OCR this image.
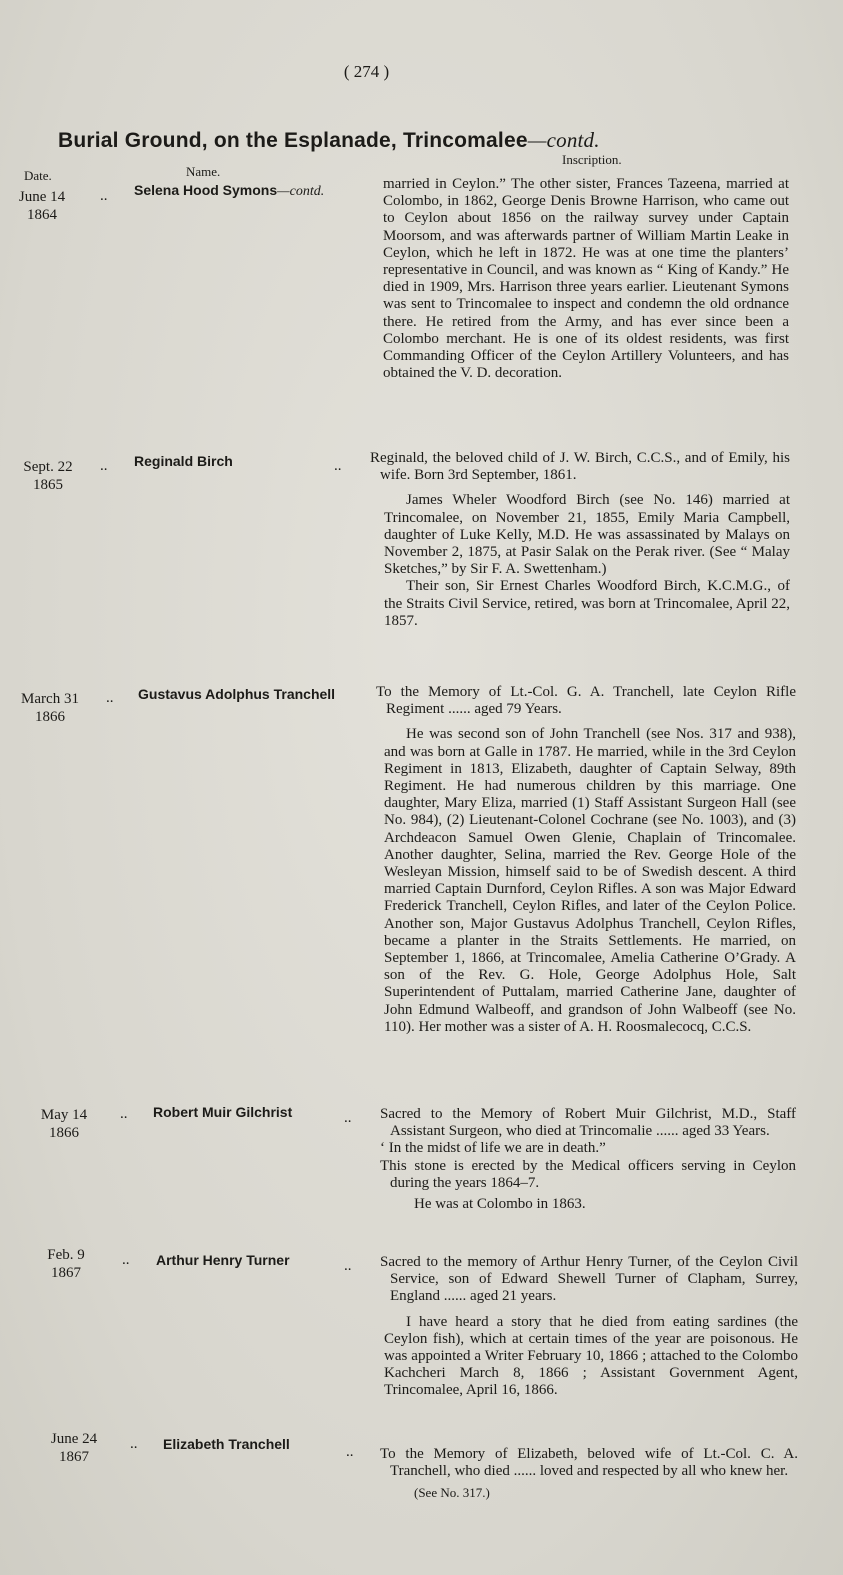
( 274 )
Burial Ground, on the Esplanade, Trincomalee—contd.
Date.	Name.
Inscription.
June 14
1864
.. Selena Hood Symons—contd.	married in Ceylon.” The other sister, Frances Tazeena, married at Colombo, in 1862, George Denis Browne Harrison, who came out to Ceylon about 1856 on the railway survey under Captain Moorsom, and was afterwards partner of William Martin Leake in Ceylon, which he left in 1872. He was at one time the planters’ representative in Council, and was known as “ King of Kandy.” He died in 1909, Mrs. Harrison three years earlier. Lieutenant Symons was sent to Trincomalee to inspect and condemn the old ordnance there. He retired from the Army, and has ever since been a Colombo merchant. He is one of its oldest residents, was first Commanding Officer of the Ceylon Artillery Volunteers, and has obtained the V. D. decoration.

Sept. 22
1865
.. Reginald Birch	.. Reginald, the beloved child of J. W. Birch, C.C.S., and of Emily, his wife. Born 3rd September, 1861.

James Wheler Woodford Birch (see No. 146) married at Trincomalee, on November 21, 1855, Emily Maria Campbell, daughter of Luke Kelly, M.D. He was assassinated by Malays on November 2, 1875, at Pasir Salak on the Perak river. (See “ Malay Sketches,” by Sir F. A. Swettenham.)

Their son, Sir Ernest Charles Woodford Birch, K.C.M.G., of the Straits Civil Service, retired, was born at Trincomalee, April 22, 1857.

March 31
1866
.. Gustavus Adolphus Tranchell	To the Memory of Lt.-Col. G. A. Tranchell, late Ceylon Rifle Regiment ...... aged 79 Years.

He was second son of John Tranchell (see Nos. 317 and 938), and was born at Galle in 1787. He married, while in the 3rd Ceylon Regiment in 1813, Elizabeth, daughter of Captain Selway, 89th Regiment. He had numerous children by this marriage. One daughter, Mary Eliza, married (1) Staff Assistant Surgeon Hall (see No. 984), (2) Lieutenant-Colonel Cochrane (see No. 1003), and (3) Archdeacon Samuel Owen Glenie, Chaplain of Trincomalee. Another daughter, Selina, married the Rev. George Hole of the Wesleyan Mission, himself said to be of Swedish descent. A third married Captain Durnford, Ceylon Rifles. A son was Major Edward Frederick Tranchell, Ceylon Rifles, and later of the Ceylon Police. Another son, Major Gustavus Adolphus Tranchell, Ceylon Rifles, became a planter in the Straits Settlements. He married, on September 1, 1866, at Trincomalee, Amelia Catherine O’Grady. A son of the Rev. G. Hole, George Adolphus Hole, Salt Superintendent of Puttalam, married Catherine Jane, daughter of John Edmund Walbeoff, and grandson of John Walbeoff (see No. 110). Her mother was a sister of A. H. Roosmalecocq, C.C.S.

May 14
1866
.. Robert Muir Gilchrist	.. Sacred to the Memory of Robert Muir Gilchrist, M.D., Staff Assistant Surgeon, who died at Trincomalie ...... aged 33 Years.

‘ In the midst of life we are in death.”

This stone is erected by the Medical officers serving in Ceylon during the years 1864–7.

He was at Colombo in 1863.

Feb. 9
1867
.. Arthur Henry Turner	.. Sacred to the memory of Arthur Henry Turner, of the Ceylon Civil Service, son of Edward Shewell Turner of Clapham, Surrey, England ...... aged 21 years.

I have heard a story that he died from eating sardines (the Ceylon fish), which at certain times of the year are poisonous. He was appointed a Writer February 10, 1866 ; attached to the Colombo Kachcheri March 8, 1866 ; Assistant Government Agent, Trincomalee, April 16, 1866.

June 24
1867
.. Elizabeth Tranchell	.. To the Memory of Elizabeth, beloved wife of Lt.-Col. C. A. Tranchell, who died ...... loved and respected by all who knew her.

(See No. 317.)
